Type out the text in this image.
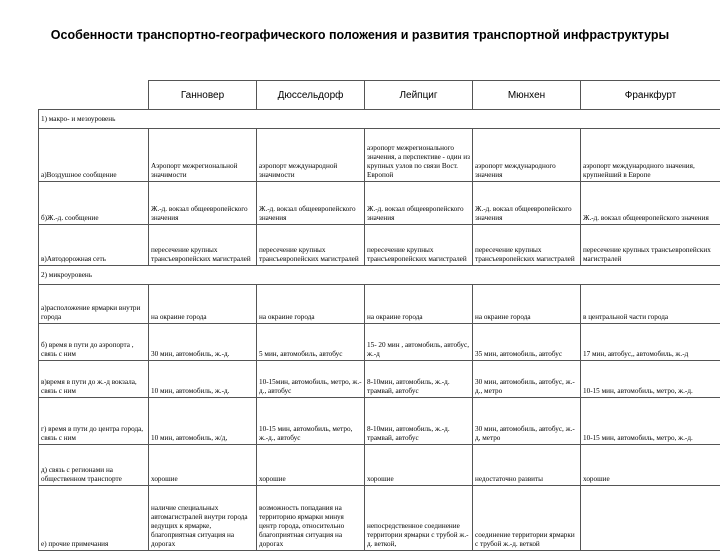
Особенности транспортно-географического положения и развития транспортной инфраструктуры
	Ганновер	Дюссельдорф	Лейпциг	Мюнхен	Франкфурт
1) макро- и мезоуровень					
а)Воздушное сообщение	Аэропорт межрегиональной значимости	аэропорт международной значимости	аэропорт межрегионального значения, а перспективе - один из крупных узлов по связи Вост. Европой	аэропорт международного значения	аэропорт международного значения, крупнейший в Европе
б)Ж.-д. сообщение	Ж.-д. вокзал общеевропейского значения	Ж.-д. вокзал общеевропейского значения	Ж.-д. вокзал общеевропейского значения	Ж.-д. вокзал общеевропейского значения	Ж.-д. вокзал общеевропейского значения
в)Автодорожная сеть	пересечение крупных трансъевропейских магистралей	пересечение крупных трансъевропейских магистралей	пересечение крупных трансъевропейских магистралей	пересечение крупных трансъевропейских магистралей	пересечение крупных трансъевропейских магистралей
2) микроуровень					
а)расположение ярмарки внутри города	на окраине города	на окраине города	на окраине города	на окраине города	в центральной части города
б) время в пути до аэропорта , связь с ним	30 мин, автомобиль, ж.-д.	5 мин, автомобиль, автобус	15- 20 мин , автомобиль, автобус, ж.-д	35 мин, автомобиль, автобус	17 мин, автобус,, автомобиль, ж.-д
в)время в пути до ж.-д вокзала, связь с ним	10 мин, автомобиль, ж.-д.	10-15мин, автомобиль, метро, ж.-д., автобус	8-10мин, автомобиль, ж.-д. трамвай, автобус	30 мин, автомобиль, автобус, ж.-д., метро	10-15 мин, автомобиль, метро, ж.-д.
г) время в пути до центра города, связь с ним	10 мин, автомобиль, ж/д,	10-15 мин, автомобиль, метро, ж.-д., автобус	8-10мин, автомобиль, ж.-д. трамвай, автобус	30 мин, автомобиль, автобус, ж.-д, метро	10-15 мин, автомобиль, метро, ж.-д.
д) связь с регионами на общественном транспорте	хорошие	хорошие	хорошие	недостаточно развиты	хорошие
е) прочие примечания	наличие специальных автомагистралей внутри города ведущих к ярмарке, благоприятная ситуация на дорогах	возможность попадания на территорию ярмарки минуя центр города, относительно благоприятная ситуация на дорогах	непосредственное соединение территории ярмарки с трубой ж.-д. веткой,	соединение территории ярмарки с трубой ж.-д. веткой	
